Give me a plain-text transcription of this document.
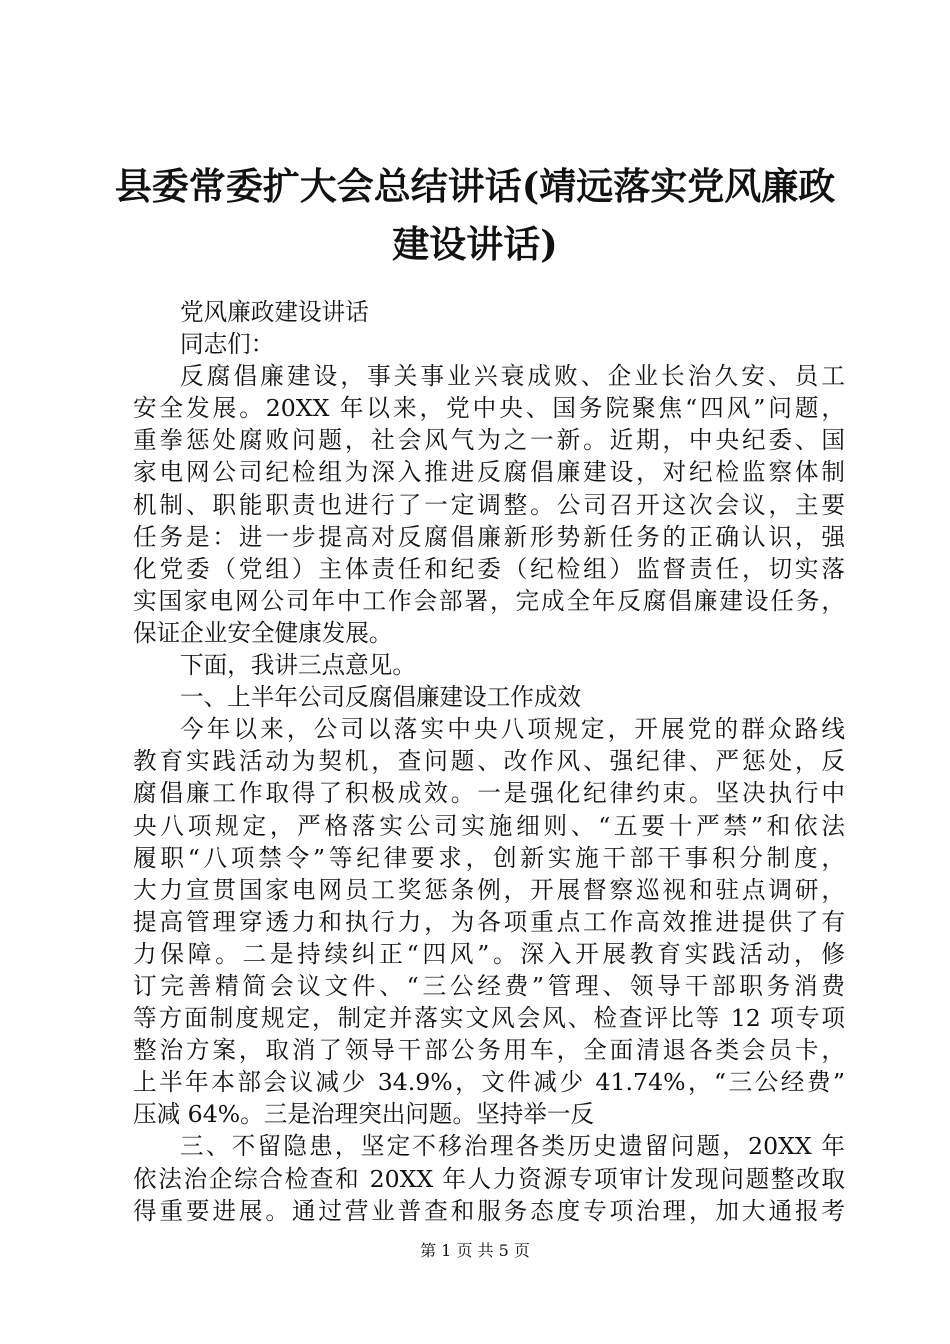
县委常委扩大会总结讲话(靖远落实党风廉政
建设讲话)
党风廉政建设讲话
同志们：
反腐倡廉建设，事关事业兴衰成败、企业长治久安、员工
安全发展。20XX 年以来，党中央、国务院聚焦“四风”问题，
重拳惩处腐败问题，社会风气为之一新。近期，中央纪委、国
家电网公司纪检组为深入推进反腐倡廉建设，对纪检监察体制
机制、职能职责也进行了一定调整。公司召开这次会议，主要
任务是：进一步提高对反腐倡廉新形势新任务的正确认识，强
化党委（党组）主体责任和纪委（纪检组）监督责任，切实落
实国家电网公司年中工作会部署，完成全年反腐倡廉建设任务，
保证企业安全健康发展。
下面，我讲三点意见。
一、上半年公司反腐倡廉建设工作成效
今年以来，公司以落实中央八项规定，开展党的群众路线
教育实践活动为契机，查问题、改作风、强纪律、严惩处，反
腐倡廉工作取得了积极成效。一是强化纪律约束。坚决执行中
央八项规定，严格落实公司实施细则、“五要十严禁”和依法
履职“八项禁令”等纪律要求，创新实施干部干事积分制度，
大力宣贯国家电网员工奖惩条例，开展督察巡视和驻点调研，
提高管理穿透力和执行力，为各项重点工作高效推进提供了有
力保障。二是持续纠正“四风”。深入开展教育实践活动，修
订完善精简会议文件、“三公经费”管理、领导干部职务消费
等方面制度规定，制定并落实文风会风、检查评比等 12 项专项
整治方案，取消了领导干部公务用车，全面清退各类会员卡，
上半年本部会议减少 34.9%，文件减少 41.74%，“三公经费”
压减 64%。三是治理突出问题。坚持举一反
三、不留隐患，坚定不移治理各类历史遗留问题，20XX 年
依法治企综合检查和 20XX 年人力资源专项审计发现问题整改取
得重要进展。通过营业普查和服务态度专项治理，加大通报考
第 1 页 共 5 页
